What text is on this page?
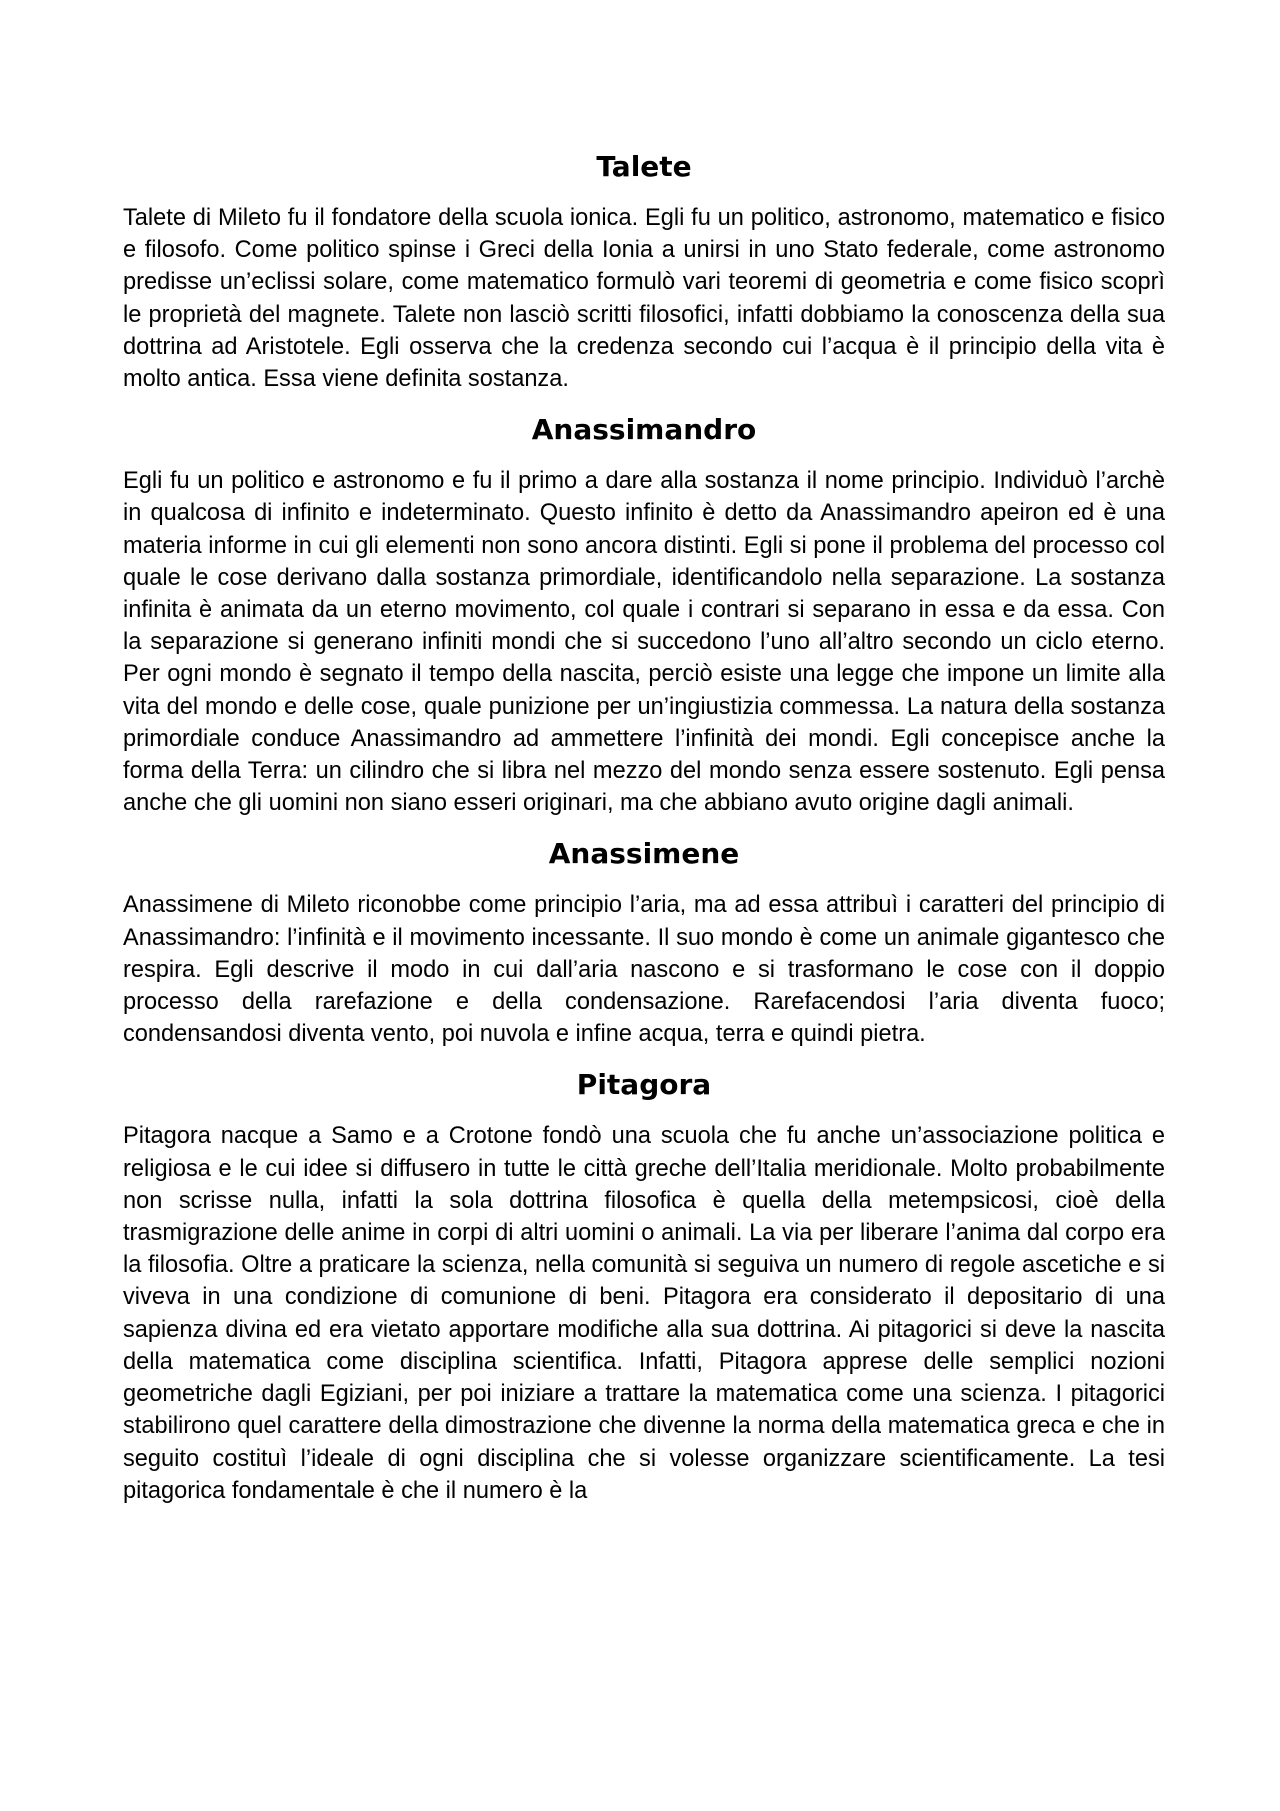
Talete

Talete di Mileto fu il fondatore della scuola ionica. Egli fu un politico, astronomo, matematico e fisico e filosofo. Come politico spinse i Greci della Ionia a unirsi in uno Stato federale, come astronomo predisse un’eclissi solare, come matematico formulò vari teoremi di geometria e come fisico scoprì le proprietà del magnete. Talete non lasciò scritti filosofici, infatti dobbiamo la conoscenza della sua dottrina ad Aristotele. Egli osserva che la credenza secondo cui l’acqua è il principio della vita è molto antica. Essa viene definita sostanza.

Anassimandro

Egli fu un politico e astronomo e fu il primo a dare alla sostanza il nome principio. Individuò l’archè in qualcosa di infinito e indeterminato. Questo infinito è detto da Anassimandro apeiron ed è una materia informe in cui gli elementi non sono ancora distinti. Egli si pone il problema del processo col quale le cose derivano dalla sostanza primordiale, identificandolo nella separazione. La sostanza infinita è animata da un eterno movimento, col quale i contrari si separano in essa e da essa. Con la separazione si generano infiniti mondi che si succedono l’uno all’altro secondo un ciclo eterno. Per ogni mondo è segnato il tempo della nascita, perciò esiste una legge che impone un limite alla vita del mondo e delle cose, quale punizione per un’ingiustizia commessa. La natura della sostanza primordiale conduce Anassimandro ad ammettere l’infinità dei mondi. Egli concepisce anche la forma della Terra: un cilindro che si libra nel mezzo del mondo senza essere sostenuto. Egli pensa anche che gli uomini non siano esseri originari, ma che abbiano avuto origine dagli animali.

Anassimene

Anassimene di Mileto riconobbe come principio l’aria, ma ad essa attribuì i caratteri del principio di Anassimandro: l’infinità e il movimento incessante. Il suo mondo è come un animale gigantesco che respira. Egli descrive il modo in cui dall’aria nascono e si trasformano le cose con il doppio processo della rarefazione e della condensazione. Rarefacendosi l’aria diventa fuoco; condensandosi diventa vento, poi nuvola e infine acqua, terra e quindi pietra.

Pitagora

Pitagora nacque a Samo e a Crotone fondò una scuola che fu anche un’associazione politica e religiosa e le cui idee si diffusero in tutte le città greche dell’Italia meridionale. Molto probabilmente non scrisse nulla, infatti la sola dottrina filosofica è quella della metempsicosi, cioè della trasmigrazione delle anime in corpi di altri uomini o animali. La via per liberare l’anima dal corpo era la filosofia. Oltre a praticare la scienza, nella comunità si seguiva un numero di regole ascetiche e si viveva in una condizione di comunione di beni. Pitagora era considerato il depositario di una sapienza divina ed era vietato apportare modifiche alla sua dottrina. Ai pitagorici si deve la nascita della matematica come disciplina scientifica. Infatti, Pitagora apprese delle semplici nozioni geometriche dagli Egiziani, per poi iniziare a trattare la matematica come una scienza. I pitagorici stabilirono quel carattere della dimostrazione che divenne la norma della matematica greca e che in seguito costituì l’ideale di ogni disciplina che si volesse organizzare scientificamente. La tesi pitagorica fondamentale è che il numero è la
